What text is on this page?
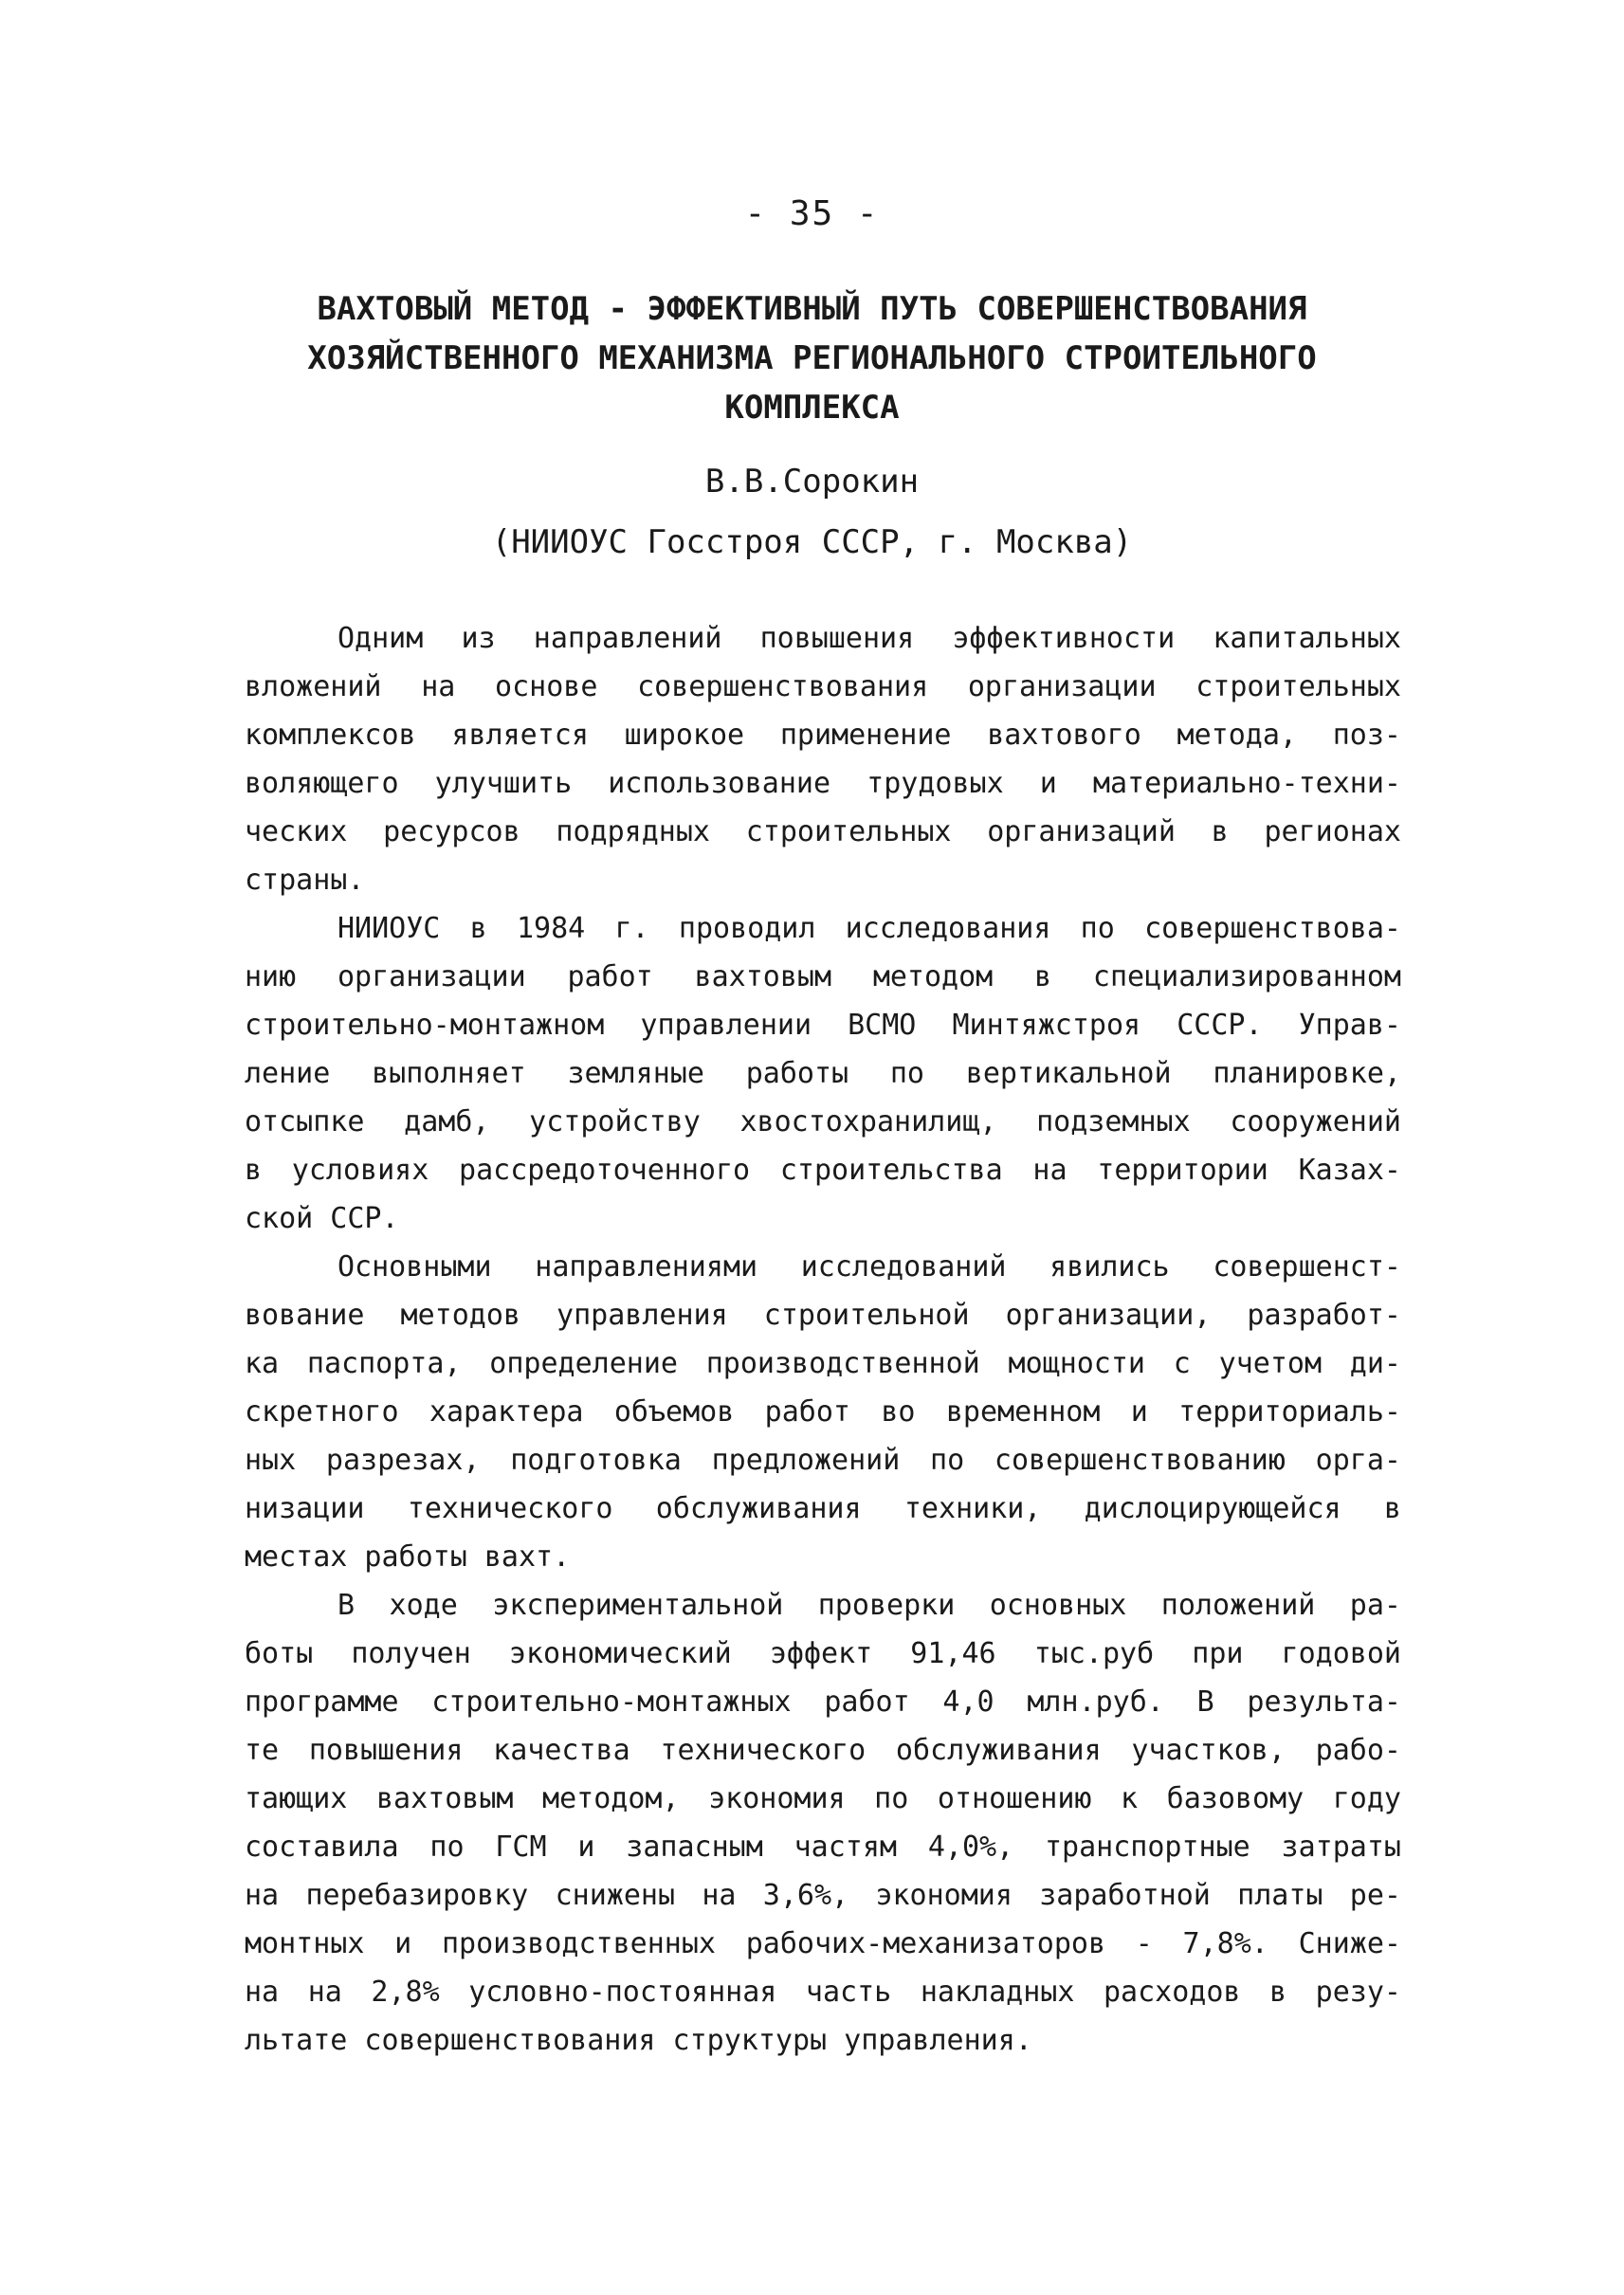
- 35 -
ВАХТОВЫЙ МЕТОД - ЭФФЕКТИВНЫЙ ПУТЬ СОВЕРШЕНСТВОВАНИЯ
ХОЗЯЙСТВЕННОГО МЕХАНИЗМА РЕГИОНАЛЬНОГО СТРОИТЕЛЬНОГО
КОМПЛЕКСА
В.В.Сорокин
(НИИОУС Госстроя СССР, г. Москва)
Одним из направлений повышения эффективности капитальных
вложений на основе совершенствования организации строительных
комплексов является широкое применение вахтового метода, поз-
воляющего улучшить использование трудовых и материально-техни-
ческих ресурсов подрядных строительных организаций в регионах
страны.
НИИОУС в 1984 г. проводил исследования по совершенствова-
нию организации работ вахтовым методом в специализированном
строительно-монтажном управлении ВСМО Минтяжстроя СССР. Управ-
ление выполняет земляные работы по вертикальной планировке,
отсыпке дамб, устройству хвостохранилищ, подземных сооружений
в условиях рассредоточенного строительства на территории Казах-
ской ССР.
Основными направлениями исследований явились совершенст-
вование методов управления строительной организации, разработ-
ка паспорта, определение производственной мощности с учетом ди-
скретного характера объемов работ во временном и территориаль-
ных разрезах, подготовка предложений по совершенствованию орга-
низации технического обслуживания техники, дислоцирующейся в
местах работы вахт.
В ходе экспериментальной проверки основных положений ра-
боты получен экономический эффект 91,46 тыс.руб при годовой
программе строительно-монтажных работ 4,0 млн.руб. В результа-
те повышения качества технического обслуживания участков, рабо-
тающих вахтовым методом, экономия по отношению к базовому году
составила по ГСМ и запасным частям 4,0%, транспортные затраты
на перебазировку снижены на 3,6%, экономия заработной платы ре-
монтных и производственных рабочих-механизаторов - 7,8%. Сниже-
на на 2,8% условно-постоянная часть накладных расходов в резу-
льтате совершенствования структуры управления.
